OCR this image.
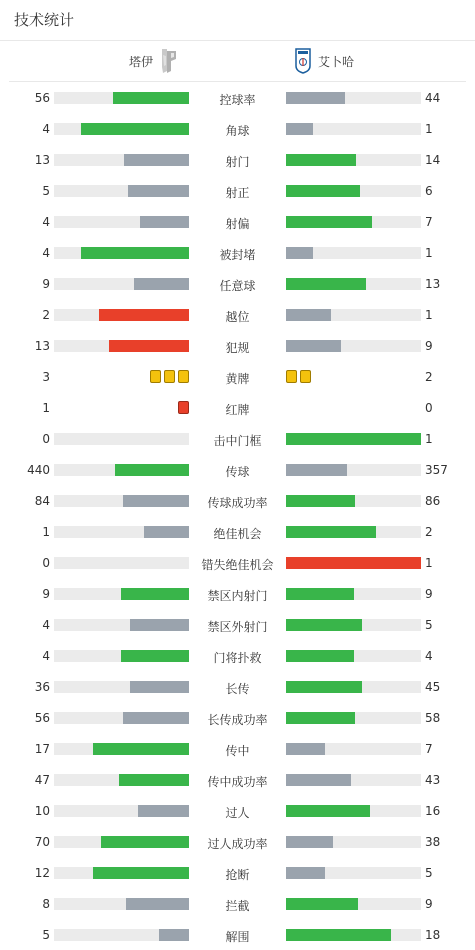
技术统计
塔伊	艾卜哈
56	控球率	44
4	角球	1
13	射门	14
5	射正	6
4	射偏	7
4	被封堵	1
9	任意球	13
2	越位	1
13	犯规	9
3	黄牌	2
1	红牌	0
0	击中门框	1
440	传球	357
84	传球成功率	86
1	绝佳机会	2
0	错失绝佳机会	1
9	禁区内射门	9
4	禁区外射门	5
4	门将扑救	4
36	长传	45
56	长传成功率	58
17	传中	7
47	传中成功率	43
10	过人	16
70	过人成功率	38
12	抢断	5
8	拦截	9
5	解围	18
